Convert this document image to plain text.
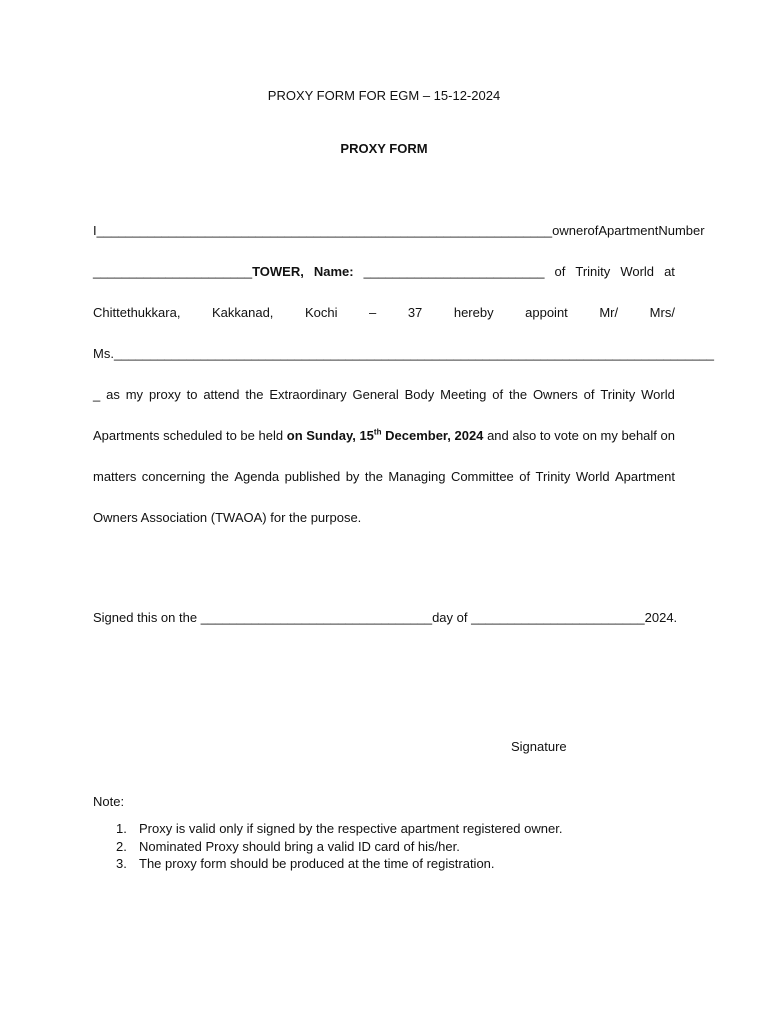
PROXY FORM FOR EGM – 15-12-2024
PROXY FORM
I_______________________________________________________________ owner of Apartment Number
______________________TOWER, Name: _________________________ of Trinity World at
Chittethukkara, Kakkanad, Kochi – 37 hereby appoint Mr/ Mrs/
Ms.___________________________________________________________________________________
_ as my proxy to attend the Extraordinary General Body Meeting of the Owners of Trinity World
Apartments scheduled to be held on Sunday, 15th December, 2024 and also to vote on my behalf on
matters concerning the Agenda published by the Managing Committee of Trinity World Apartment
Owners Association (TWAOA) for the purpose.
Signed this on the ________________________________day of ________________________2024.
Signature
Note:
1. Proxy is valid only if signed by the respective apartment registered owner.
2. Nominated Proxy should bring a valid ID card of his/her.
3. The proxy form should be produced at the time of registration.
